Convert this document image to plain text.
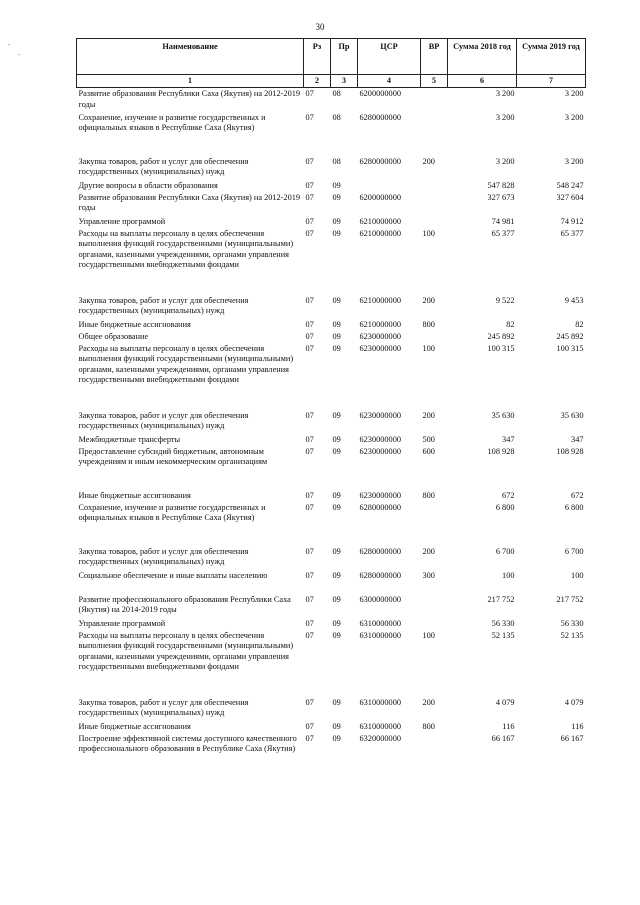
30
.
.
Наименование	Рз	Пр	ЦСР	ВР	Сумма 2018 год	Сумма 2019 год
1	2	3	4	5	6	7
Развитие образования Республики Саха (Якутия) на 2012-2019 годы	07	08	6200000000		3 200	3 200
Сохранение, изучение и развитие государственных и официальных языков в Республике Саха (Якутия)	07	08	6280000000		3 200	3 200
Закупка товаров, работ и услуг для обеспечения государственных (муниципальных) нужд	07	08	6280000000	200	3 200	3 200
Другие вопросы в области образования	07	09			547 828	548 247
Развитие образования Республики Саха (Якутия) на 2012-2019 годы	07	09	6200000000		327 673	327 604
Управление программой	07	09	6210000000		74 981	74 912
Расходы на выплаты персоналу в целях обеспечения выполнения функций государственными (муниципальными) органами, казенными учреждениями, органами управления государственными внебюджетными фондами	07	09	6210000000	100	65 377	65 377
Закупка товаров, работ и услуг для обеспечения государственных (муниципальных) нужд	07	09	6210000000	200	9 522	9 453
Иные бюджетные ассигнования	07	09	6210000000	800	82	82
Общее образование	07	09	6230000000		245 892	245 892
Расходы на выплаты персоналу в целях обеспечения выполнения функций государственными (муниципальными) органами, казенными учреждениями, органами управления государственными внебюджетными фондами	07	09	6230000000	100	100 315	100 315
Закупка товаров, работ и услуг для обеспечения государственных (муниципальных) нужд	07	09	6230000000	200	35 630	35 630
Межбюджетные трансферты	07	09	6230000000	500	347	347
Предоставление субсидий бюджетным, автономным учреждениям и иным некоммерческим организациям	07	09	6230000000	600	108 928	108 928
Иные бюджетные ассигнования	07	09	6230000000	800	672	672
Сохранение, изучение и развитие государственных и официальных языков в Республике Саха (Якутия)	07	09	6280000000		6 800	6 800
Закупка товаров, работ и услуг для обеспечения государственных (муниципальных) нужд	07	09	6280000000	200	6 700	6 700
Социальное обеспечение и иные выплаты населению	07	09	6280000000	300	100	100
Развитие профессионального образования Республики Саха (Якутия) на 2014-2019 годы	07	09	6300000000		217 752	217 752
Управление программой	07	09	6310000000		56 330	56 330
Расходы на выплаты персоналу в целях обеспечения выполнения функций государственными (муниципальными) органами, казенными учреждениями, органами управления государственными внебюджетными фондами	07	09	6310000000	100	52 135	52 135
Закупка товаров, работ и услуг для обеспечения государственных (муниципальных) нужд	07	09	6310000000	200	4 079	4 079
Иные бюджетные ассигнования	07	09	6310000000	800	116	116
Построение эффективной системы доступного качественного профессионального образования в Республике Саха (Якутия)	07	09	6320000000		66 167	66 167
